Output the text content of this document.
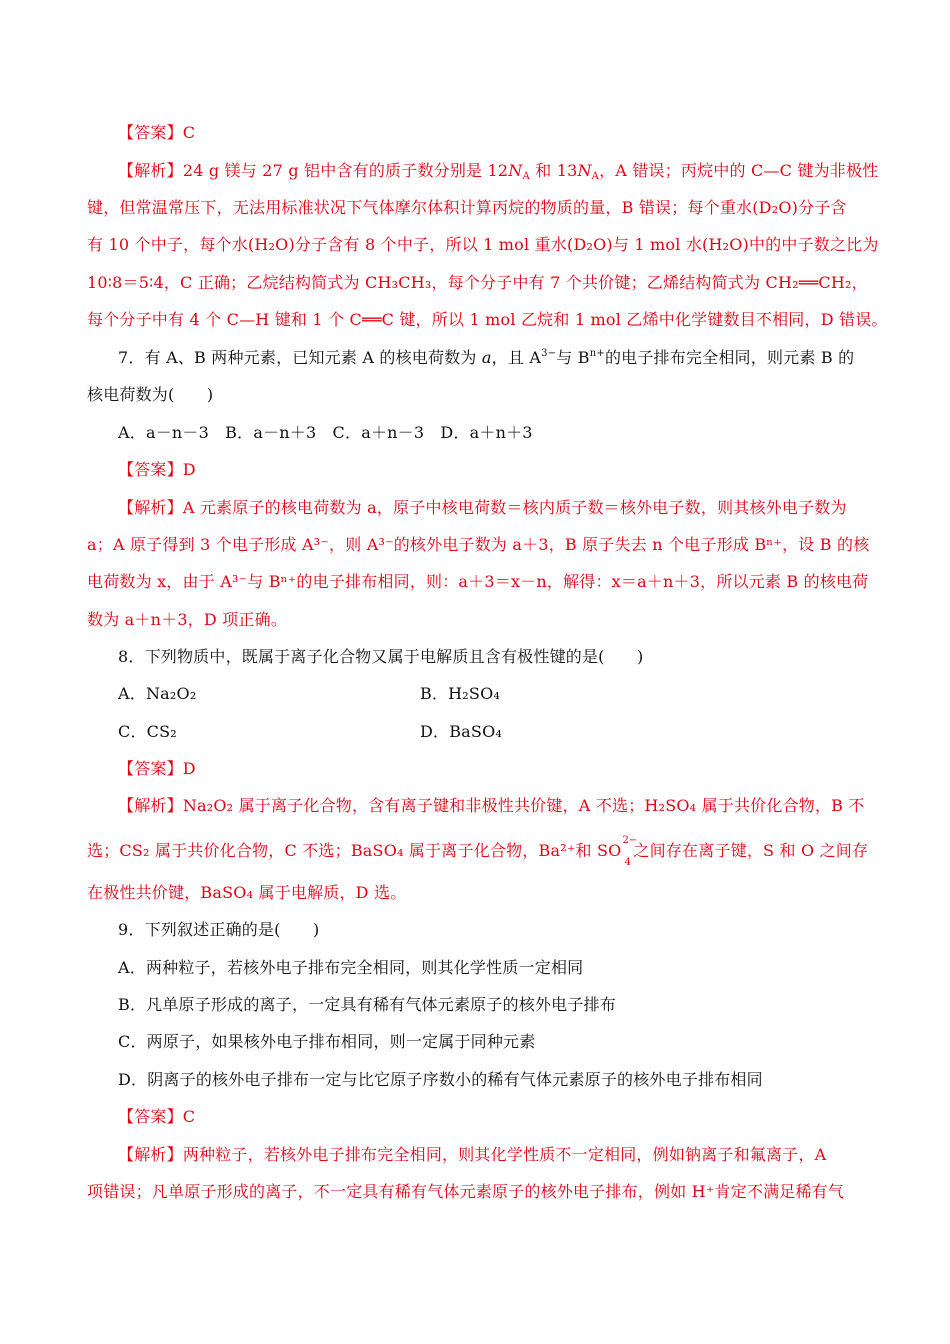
【答案】C
【解析】24 g 镁与 27 g 铝中含有的质子数分别是 $12N_A$ 和 $13N_A$，A 错误；丙烷中的 C—C 键为非极性
键，但常温常压下，无法用标准状况下气体摩尔体积计算丙烷的物质的量，B 错误；每个重水(D₂O)分子含
有 10 个中子，每个水(H₂O)分子含有 8 个中子，所以 1 mol 重水(D₂O)与 1 mol 水(H₂O)中的中子数之比为
10∶8＝5∶4，C 正确；乙烷结构简式为 CH₃CH₃，每个分子中有 7 个共价键；乙烯结构简式为 CH₂══CH₂，
每个分子中有 4 个 C—H 键和 1 个 C══C 键，所以 1 mol 乙烷和 1 mol 乙烯中化学键数目不相同，D 错误。
7．有 A、B 两种元素，已知元素 A 的核电荷数为 a，且 $A^{3-}$与 $B^{n+}$的电子排布完全相同，则元素 B 的
核电荷数为(　　)
A．a－n－3　B．a－n＋3　C．a＋n－3　D．a＋n＋3
【答案】D
【解析】A 元素原子的核电荷数为 a，原子中核电荷数＝核内质子数＝核外电子数，则其核外电子数为
a；A 原子得到 3 个电子形成 A³⁻，则 A³⁻的核外电子数为 a＋3，B 原子失去 n 个电子形成 Bⁿ⁺，设 B 的核
电荷数为 x，由于 A³⁻与 Bⁿ⁺的电子排布相同，则：a＋3＝x－n，解得：x＝a＋n＋3，所以元素 B 的核电荷
数为 a＋n＋3，D 项正确。
8．下列物质中，既属于离子化合物又属于电解质且含有极性键的是(　　)
A．Na₂O₂	B．H₂SO₄
C．CS₂	D．BaSO₄
【答案】D
【解析】Na₂O₂ 属于离子化合物，含有离子键和非极性共价键，A 不选；H₂SO₄ 属于共价化合物，B 不
选；CS₂ 属于共价化合物，C 不选；BaSO₄ 属于离子化合物，Ba²⁺和 SO
2−
4
之间存在离子键，S 和 O 之间存
在极性共价键，BaSO₄ 属于电解质，D 选。
9．下列叙述正确的是(　　)
A．两种粒子，若核外电子排布完全相同，则其化学性质一定相同
B．凡单原子形成的离子，一定具有稀有气体元素原子的核外电子排布
C．两原子，如果核外电子排布相同，则一定属于同种元素
D．阴离子的核外电子排布一定与比它原子序数小的稀有气体元素原子的核外电子排布相同
【答案】C
【解析】两种粒子，若核外电子排布完全相同，则其化学性质不一定相同，例如钠离子和氟离子，A
项错误；凡单原子形成的离子，不一定具有稀有气体元素原子的核外电子排布，例如 H⁺肯定不满足稀有气
